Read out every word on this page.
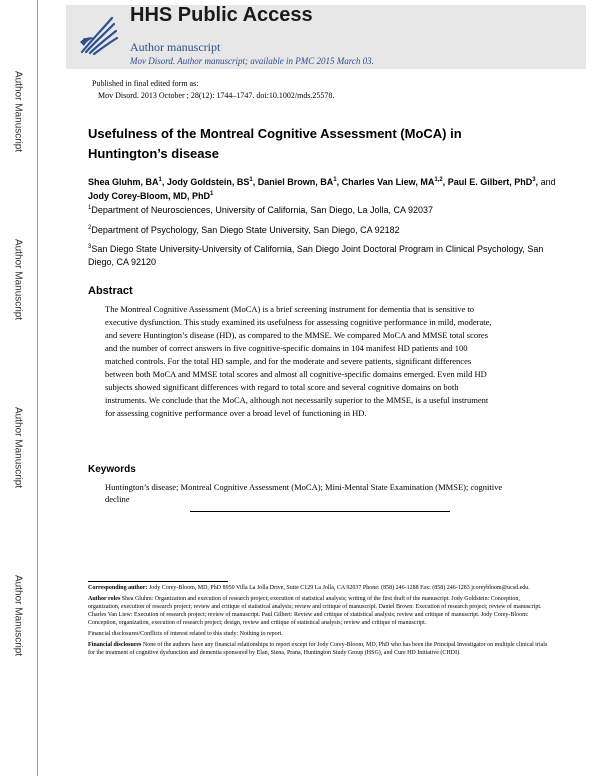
Author Manuscript
Author Manuscript
Author Manuscript
Author Manuscript
HHS Public Access
Author manuscript
Mov Disord. Author manuscript; available in PMC 2015 March 03.
Published in final edited form as:
Mov Disord. 2013 October ; 28(12): 1744–1747. doi:10.1002/mds.25578.
Usefulness of the Montreal Cognitive Assessment (MoCA) in Huntington’s disease
Shea Gluhm, $BA^1$, Jody Goldstein, $BS^1$, Daniel Brown, $BA^1$, Charles Van Liew, MA$^{1,2}$, Paul E. Gilbert, PhD$^3$, and Jody Corey-Bloom, MD, PhD$^1$
$^1$Department of Neurosciences, University of California, San Diego, La Jolla, CA 92037
$^2$Department of Psychology, San Diego State University, San Diego, CA 92182
$^3$San Diego State University-University of California, San Diego Joint Doctoral Program in Clinical Psychology, San Diego, CA 92120
Abstract
The Montreal Cognitive Assessment (MoCA) is a brief screening instrument for dementia that is sensitive to executive dysfunction. This study examined its usefulness for assessing cognitive performance in mild, moderate, and severe Huntington’s disease (HD), as compared to the MMSE. We compared MoCA and MMSE total scores and the number of correct answers in five cognitive-specific domains in 104 manifest HD patients and 100 matched controls. For the total HD sample, and for the moderate and severe patients, significant differences between both MoCA and MMSE total scores and almost all cognitive-specific domains emerged. Even mild HD subjects showed significant differences with regard to total score and several cognitive domains on both instruments. We conclude that the MoCA, although not necessarily superior to the MMSE, is a useful instrument for assessing cognitive performance over a broad level of functioning in HD.
Keywords
Huntington’s disease; Montreal Cognitive Assessment (MoCA); Mini-Mental State Examination (MMSE); cognitive decline

Corresponding author: Jody Corey-Bloom, MD, PhD 8950 Villa La Jolla Drive, Suite C129 La Jolla, CA 92037 Phone: (858) 246-1288 Fax: (858) 246-1283 jcoreybloom@ucsd.edu.

Author roles Shea Gluhm: Organization and execution of research project; execution of statistical analysis; writing of the first draft of the manuscript. Jody Goldstein: Conception, organization, execution of research project; review and critique of statistical analysis; review and critique of manuscript. Daniel Brown: Execution of research project; review of manuscript. Charles Van Liew: Execution of research project; review of manuscript. Paul Gilbert: Review and critique of statistical analysis; review and critique of manuscript. Jody Corey-Bloom: Conception, organization, execution of research project; design, review and critique of statistical analysis; review and critique of manuscript.

Financial disclosures/Conflicts of interest related to this study: Nothing to report.

Financial disclosures None of the authors have any financial relationships to report except for Jody Corey-Bloom, MD, PhD who has been the Principal Investigator on multiple clinical trials for the treatment of cognitive dysfunction and dementia sponsored by Elan, Siena, Prana, Huntington Study Group (HSG), and Cure HD Initiative (CHDI).
